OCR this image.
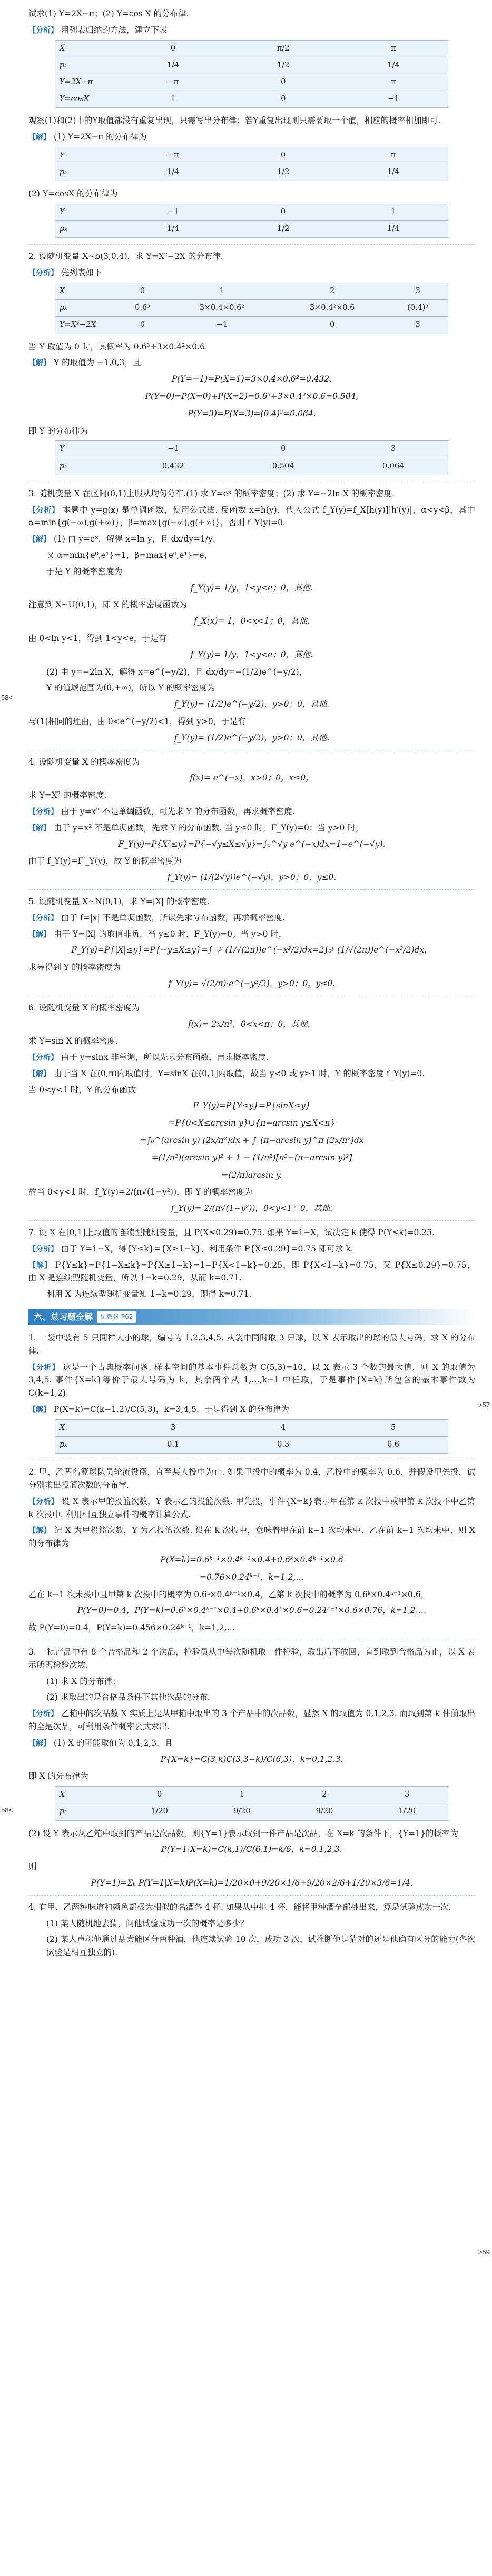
58<
>57
58<
>59

试求(1) Y=2X−π；(2) Y=cos X 的分布律.

【分析】 用列表归纳的方法，建立下表

X	0	π/2	π
pₖ	1/4	1/2	1/4
Y=2X−π	−π	0	π
Y=cosX	1	0	−1

观察(1)和(2)中的Y取值都没有重复出现，只需写出分布律；若Y重复出现则只需要取一个值，相应的概率相加即可.

【解】 (1) Y=2X−π 的分布律为

Y	−π	0	π
pₖ	1/4	1/2	1/4

(2) Y=cosX 的分布律为

Y	−1	0	1
pₖ	1/4	1/2	1/4

2. 设随机变量 X~b(3,0.4)，求 Y=X²−2X 的分布律.

【分析】 先列表如下

X	0	1	2	3
pₖ	0.6³	3×0.4×0.6²	3×0.4²×0.6	(0.4)³
Y=X²−2X	0	−1	0	3

当 Y 取值为 0 时，其概率为 0.6³+3×0.4²×0.6.

【解】 Y 的取值为 −1,0,3，且

P(Y=−1)=P(X=1)=3×0.4×0.6²=0.432,

P(Y=0)=P(X=0)+P(X=2)=0.6³+3×0.4²×0.6=0.504,

P(Y=3)=P(X=3)=(0.4)³=0.064.

即 Y 的分布律为

Y	−1	0	3
pₖ	0.432	0.504	0.064

3. 随机变量 X 在区间(0,1)上服从均匀分布.(1) 求 Y=eˣ 的概率密度；(2) 求 Y=−2ln X 的概率密度.

【分析】 本题中 y=g(x) 是单调函数，使用公式法. 反函数 x=h(y)，代入公式 f_Y(y)=f_X[h(y)]|h′(y)|，α<y<β，其中 α=min{g(−∞),g(+∞)}，β=max{g(−∞),g(+∞)}，否则 f_Y(y)=0.

【解】 (1) 由 y=eˣ，解得 x=ln y，且 dx/dy=1/y，

又 α=min{e⁰,e¹}=1，β=max{e⁰,e¹}=e，

于是 Y 的概率密度为

f_Y(y)= 1/y，1<y<e；0，其他.

注意到 X~U(0,1)，即 X 的概率密度函数为

f_X(x)= 1，0<x<1；0，其他.

由 0<ln y<1，得到 1<y<e，于是有

f_Y(y)= 1/y，1<y<e；0，其他.

(2) 由 y=−2ln X，解得 x=e^(−y/2)，且 dx/dy=−(1/2)e^(−y/2)，

Y 的值域范围为(0,+∞)，所以 Y 的概率密度为

f_Y(y)= (1/2)e^(−y/2)，y>0；0，其他.

与(1)相同的理由，由 0<e^(−y/2)<1，得到 y>0，于是有

f_Y(y)= (1/2)e^(−y/2)，y>0；0，其他.

4. 设随机变量 X 的概率密度为

f(x)= e^(−x)，x>0；0，x≤0，

求 Y=X² 的概率密度.

【分析】 由于 y=x² 不是单调函数，可先求 Y 的分布函数，再求概率密度.

【解】 由于 y=x² 不是单调函数，先求 Y 的分布函数. 当 y≤0 时，F_Y(y)=0；当 y>0 时，

F_Y(y)=P{X²≤y}=P{−√y≤X≤√y}=∫₀^√y e^(−x)dx=1−e^(−√y).

由于 f_Y(y)=F′_Y(y)，故 Y 的概率密度为

f_Y(y)= (1/(2√y))e^(−√y)，y>0；0，y≤0.

5. 设随机变量 X~N(0,1)，求 Y=|X| 的概率密度.

【分析】 由于 f=|x| 不是单调函数，所以先求分布函数，再求概率密度.

【解】 由于 Y=|X| 的取值非负，当 y≤0 时，F_Y(y)=0；当 y>0 时，

F_Y(y)=P{|X|≤y}=P{−y≤X≤y}=∫₋ᵧʸ (1/√(2π))e^(−x²/2)dx=2∫₀ʸ (1/√(2π))e^(−x²/2)dx，

求导得到 Y 的概率密度为

f_Y(y)= √(2/π)·e^(−y²/2)，y>0；0，y≤0.

6. 设随机变量 X 的概率密度为

f(x)= 2x/π²，0<x<π；0，其他，

求 Y=sin X 的概率密度.

【分析】 由于 y=sinx 非单调，所以先求分布函数，再求概率密度.

【解】 由于当 X 在(0,π)内取值时，Y=sinX 在(0,1]内取值，故当 y<0 或 y≥1 时，Y 的概率密度 f_Y(y)=0.

当 0<y<1 时，Y 的分布函数

F_Y(y)=P{Y≤y}=P{sinX≤y}

=P{0<X≤arcsin y}∪{π−arcsin y≤X<π}

=∫₀^(arcsin y) (2x/π²)dx + ∫_(π−arcsin y)^π (2x/π²)dx

=(1/π²)(arcsin y)² + 1 − (1/π²)[π²−(π−arcsin y)²]

=(2/π)arcsin y.

故当 0<y<1 时，f_Y(y)=2/(π√(1−y²))，即 Y 的概率密度为

f_Y(y)= 2/(π√(1−y²))，0<y<1；0，其他.

7. 设 X 在[0,1]上取值的连续型随机变量，且 P(X≤0.29)=0.75. 如果 Y=1−X，试决定 k 使得 P(Y≤k)=0.25.

【分析】 由于 Y=1−X，得{Y≤k}={X≥1−k}，利用条件 P{X≤0.29}=0.75 即可求 k.

【解】 P{Y≤k}=P{1−X≤k}=P{X≥1−k}=1−P{X<1−k}=0.25，即 P{X<1−k}=0.75，又 P{X≤0.29}=0.75，由 X 是连续型随机变量，所以 1−k=0.29，从而 k=0.71.

利用 X 为连续型随机变量知 1−k=0.29，即得 k=0.71.

六、总习题全解	见教材 P62

1. 一袋中装有 5 只同样大小的球，编号为 1,2,3,4,5. 从袋中同时取 3 只球，以 X 表示取出的球的最大号码，求 X 的分布律.

【分析】 这是一个古典概率问题. 样本空间的基本事件总数为 C(5,3)=10，以 X 表示 3 个数的最大值，则 X 的取值为 3,4,5. 事件{X=k}等价于最大号码为 k，其余两个从 1,…,k−1 中任取，于是事件{X=k}所包含的基本事件数为 C(k−1,2).

【解】 P(X=k)=C(k−1,2)/C(5,3)，k=3,4,5，于是得到 X 的分布律为

X	3	4	5
pₖ	0.1	0.3	0.6

2. 甲、乙两名篮球队员轮流投篮，直至某人投中为止. 如果甲投中的概率为 0.4，乙投中的概率为 0.6，并假设甲先投，试分别求出投篮次数的分布律.

【分析】 设 X 表示甲的投篮次数，Y 表示乙的投篮次数. 甲先投，事件{X=k}表示甲在第 k 次投中或甲第 k 次投不中乙第 k 次投中. 利用相互独立事件的概率计算公式.

【解】 记 X 为甲投篮次数，Y 为乙投篮次数. 设在 k 次投中，意味着甲在前 k−1 次均未中、乙在前 k−1 次均未中，则 X 的分布律为

P(X=k)=0.6ᵏ⁻¹×0.4ᵏ⁻¹×0.4+0.6ᵏ×0.4ᵏ⁻¹×0.6

=0.76×0.24ᵏ⁻¹，k=1,2,…

乙在 k−1 次未投中且甲第 k 次投中的概率为 0.6ᵏ×0.4ᵏ⁻¹×0.4，乙第 k 次投中的概率为 0.6ᵏ×0.4ᵏ⁻¹×0.6，

P(Y=0)=0.4，P(Y=k)=0.6ᵏ×0.4ᵏ⁻¹×0.4+0.6ᵏ×0.4ᵏ×0.6=0.24ᵏ⁻¹×0.6×0.76，k=1,2,…

故 P(Y=0)=0.4，P(Y=k)=0.456×0.24ᵏ⁻¹，k=1,2,…

3. 一批产品中有 8 个合格品和 2 个次品，检验员从中每次随机取一件检验，取出后不放回，直到取到合格品为止，以 X 表示所需检验次数.

(1) 求 X 的分布律；

(2) 求取出的是合格品条件下其他次品的分布.

【分析】 乙箱中的次品数 X 实质上是从甲箱中取出的 3 个产品中的次品数，显然 X 的取值为 0,1,2,3. 而取到第 k 件前取出的全是次品，可利用条件概率公式求出.

【解】 (1) X 的可能取值为 0,1,2,3，且

P{X=k}=C(3,k)C(3,3−k)/C(6,3)，k=0,1,2,3.

即 X 的分布律为

X	0	1	2	3
pₖ	1/20	9/20	9/20	1/20

(2) 设 Y 表示从乙箱中取到的产品是次品数，则{Y=1}表示取到一件产品是次品，在 X=k 的条件下，{Y=1}的概率为

P(Y=1|X=k)=C(k,1)/C(6,1)=k/6，k=0,1,2,3.

则

P(Y=1)=Σₖ P(Y=1|X=k)P(X=k)=1/20×0+9/20×1/6+9/20×2/6+1/20×3/6=1/4.

4. 有甲、乙两种味道和颜色都极为相似的名酒各 4 杯. 如果从中挑 4 杯，能将甲种酒全部挑出来，算是试验成功一次.

(1) 某人随机地去猜，问他试验成功一次的概率是多少？

(2) 某人声称他通过品尝能区分两种酒，他连续试验 10 次，成功 3 次，试推断他是猜对的还是他确有区分的能力(各次试验是相互独立的).
